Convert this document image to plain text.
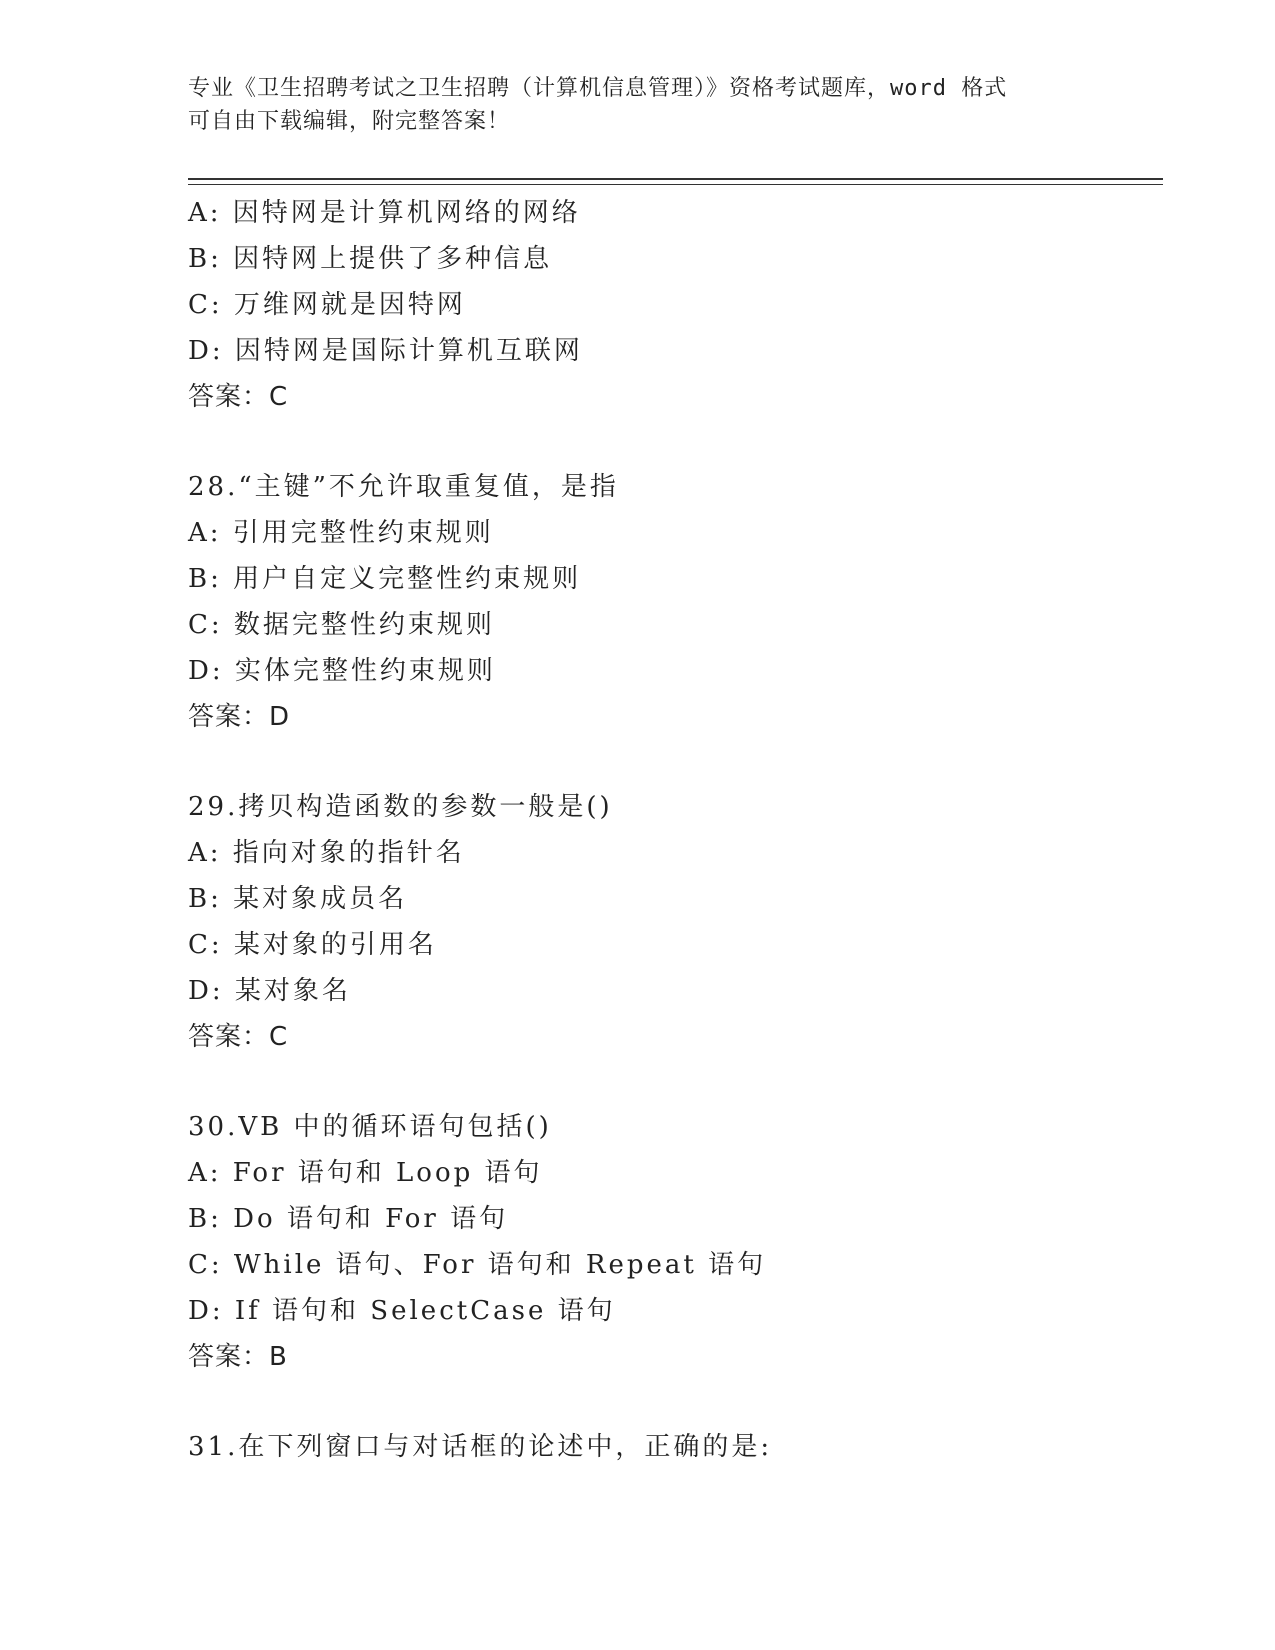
专业《卫生招聘考试之卫生招聘（计算机信息管理）》资格考试题库，word 格式
可自由下载编辑，附完整答案！
A: 因特网是计算机网络的网络
B: 因特网上提供了多种信息
C: 万维网就是因特网
D: 因特网是国际计算机互联网
答案：C
28.“主键”不允许取重复值，是指
A: 引用完整性约束规则
B: 用户自定义完整性约束规则
C: 数据完整性约束规则
D: 实体完整性约束规则
答案：D
29.拷贝构造函数的参数一般是()
A: 指向对象的指针名
B: 某对象成员名
C: 某对象的引用名
D: 某对象名
答案：C
30.VB 中的循环语句包括()
A: For 语句和 Loop 语句
B: Do 语句和 For 语句
C: While 语句、For 语句和 Repeat 语句
D: If 语句和 SelectCase 语句
答案：B
31.在下列窗口与对话框的论述中，正确的是:
